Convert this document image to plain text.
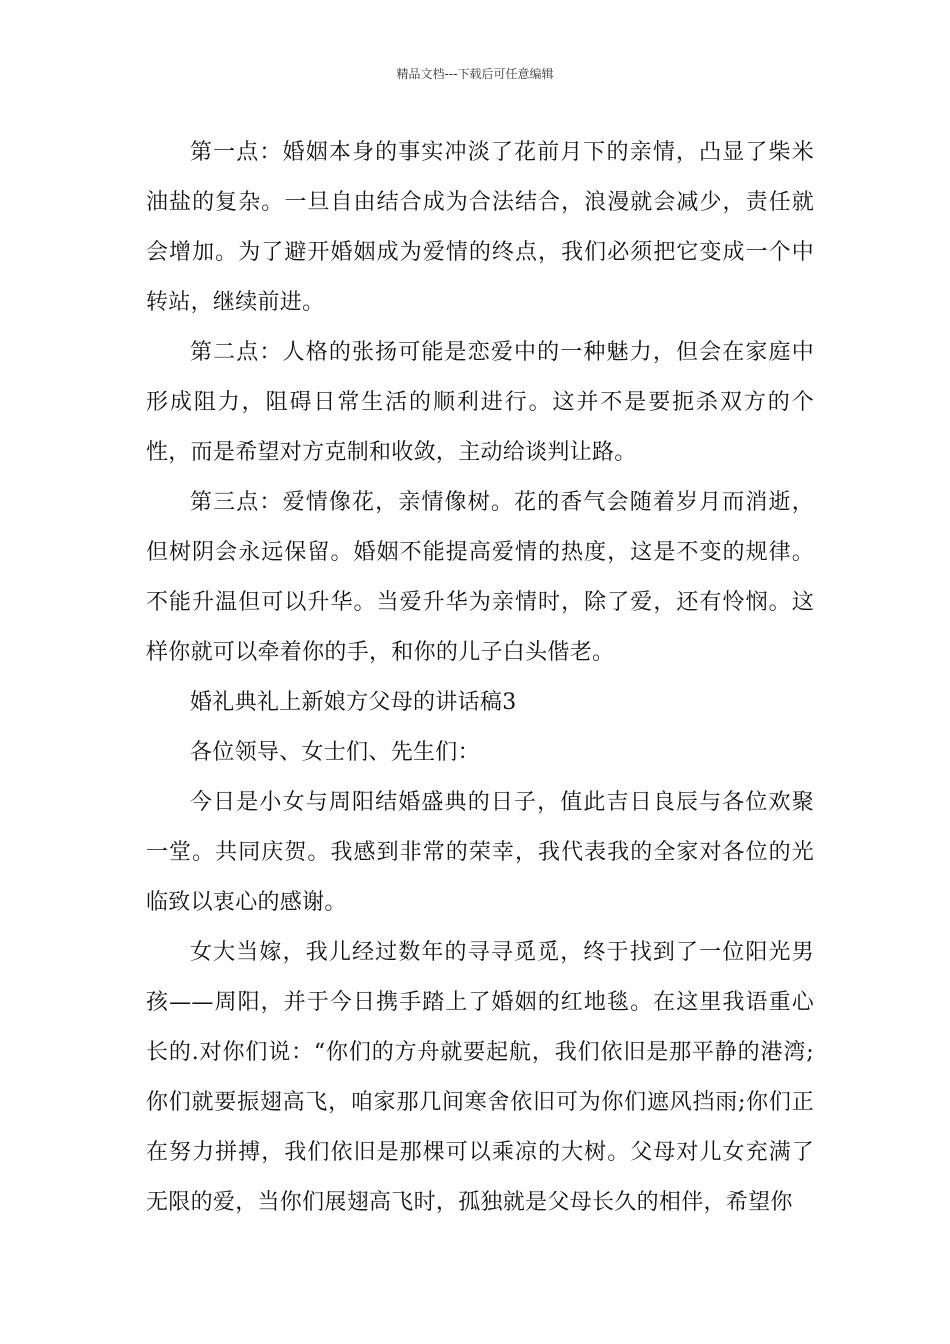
精品文档---下载后可任意编辑

第一点：婚姻本身的事实冲淡了花前月下的亲情，凸显了柴米油盐的复杂。一旦自由结合成为合法结合，浪漫就会减少，责任就会增加。为了避开婚姻成为爱情的终点，我们必须把它变成一个中转站，继续前进。

第二点：人格的张扬可能是恋爱中的一种魅力，但会在家庭中形成阻力，阻碍日常生活的顺利进行。这并不是要扼杀双方的个性，而是希望对方克制和收敛，主动给谈判让路。

第三点：爱情像花，亲情像树。花的香气会随着岁月而消逝，但树阴会永远保留。婚姻不能提高爱情的热度，这是不变的规律。不能升温但可以升华。当爱升华为亲情时，除了爱，还有怜悯。这样你就可以牵着你的手，和你的儿子白头偕老。

婚礼典礼上新娘方父母的讲话稿3

各位领导、女士们、先生们：

今日是小女与周阳结婚盛典的日子，值此吉日良辰与各位欢聚一堂。共同庆贺。我感到非常的荣幸，我代表我的全家对各位的光临致以衷心的感谢。

女大当嫁，我儿经过数年的寻寻觅觅，终于找到了一位阳光男孩——周阳，并于今日携手踏上了婚姻的红地毯。在这里我语重心长的.对你们说：“你们的方舟就要起航，我们依旧是那平静的港湾;你们就要振翅高飞，咱家那几间寒舍依旧可为你们遮风挡雨;你们正在努力拼搏，我们依旧是那棵可以乘凉的大树。父母对儿女充满了无限的爱，当你们展翅高飞时，孤独就是父母长久的相伴，希望你
